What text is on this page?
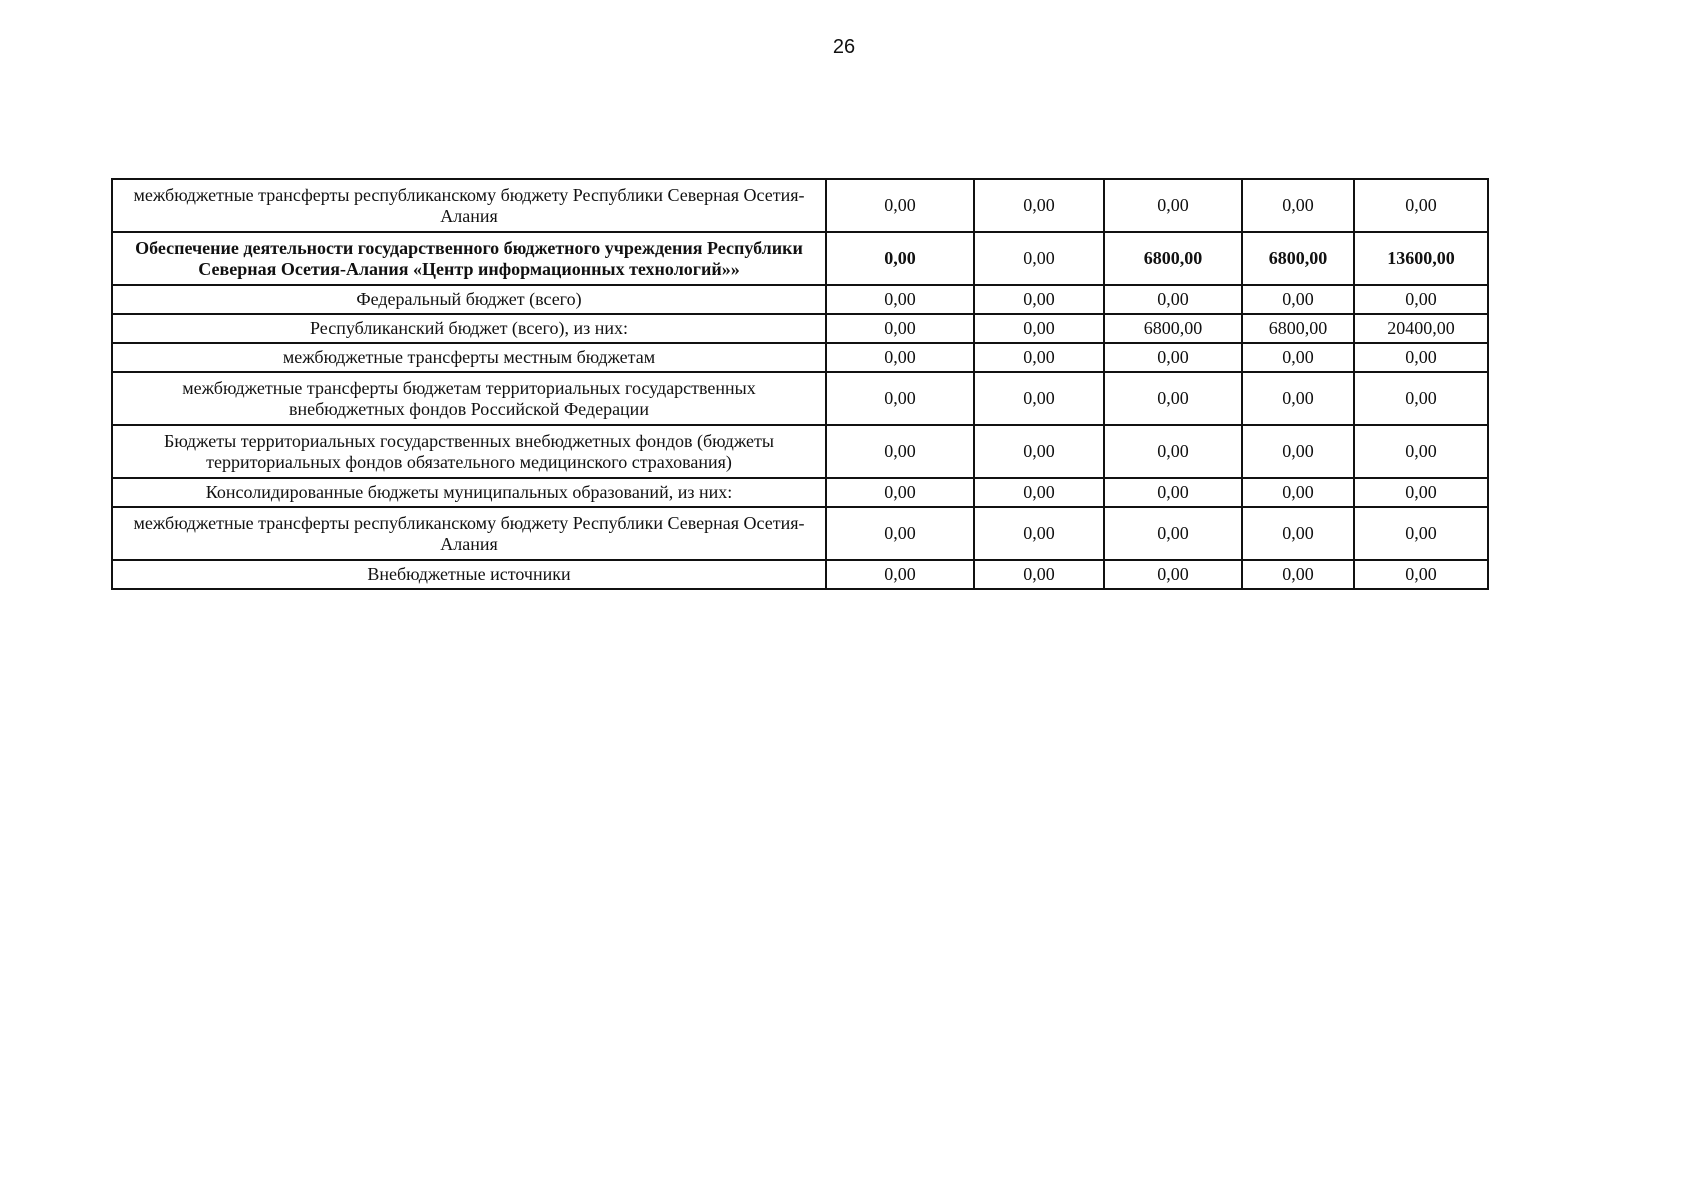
26
межбюджетные трансферты республиканскому бюджету Республики Северная Осетия-Алания	0,00	0,00	0,00	0,00	0,00
Обеспечение деятельности государственного бюджетного учреждения Республики Северная Осетия-Алания «Центр информационных технологий»»	0,00	0,00	6800,00	6800,00	13600,00
Федеральный бюджет (всего)	0,00	0,00	0,00	0,00	0,00
Республиканский бюджет (всего), из них:	0,00	0,00	6800,00	6800,00	20400,00
межбюджетные трансферты местным бюджетам	0,00	0,00	0,00	0,00	0,00
межбюджетные трансферты бюджетам территориальных государственных внебюджетных фондов Российской Федерации	0,00	0,00	0,00	0,00	0,00
Бюджеты территориальных государственных внебюджетных фондов (бюджеты территориальных фондов обязательного медицинского страхования)	0,00	0,00	0,00	0,00	0,00
Консолидированные бюджеты муниципальных образований, из них:	0,00	0,00	0,00	0,00	0,00
межбюджетные трансферты республиканскому бюджету Республики Северная Осетия-Алания	0,00	0,00	0,00	0,00	0,00
Внебюджетные источники	0,00	0,00	0,00	0,00	0,00
